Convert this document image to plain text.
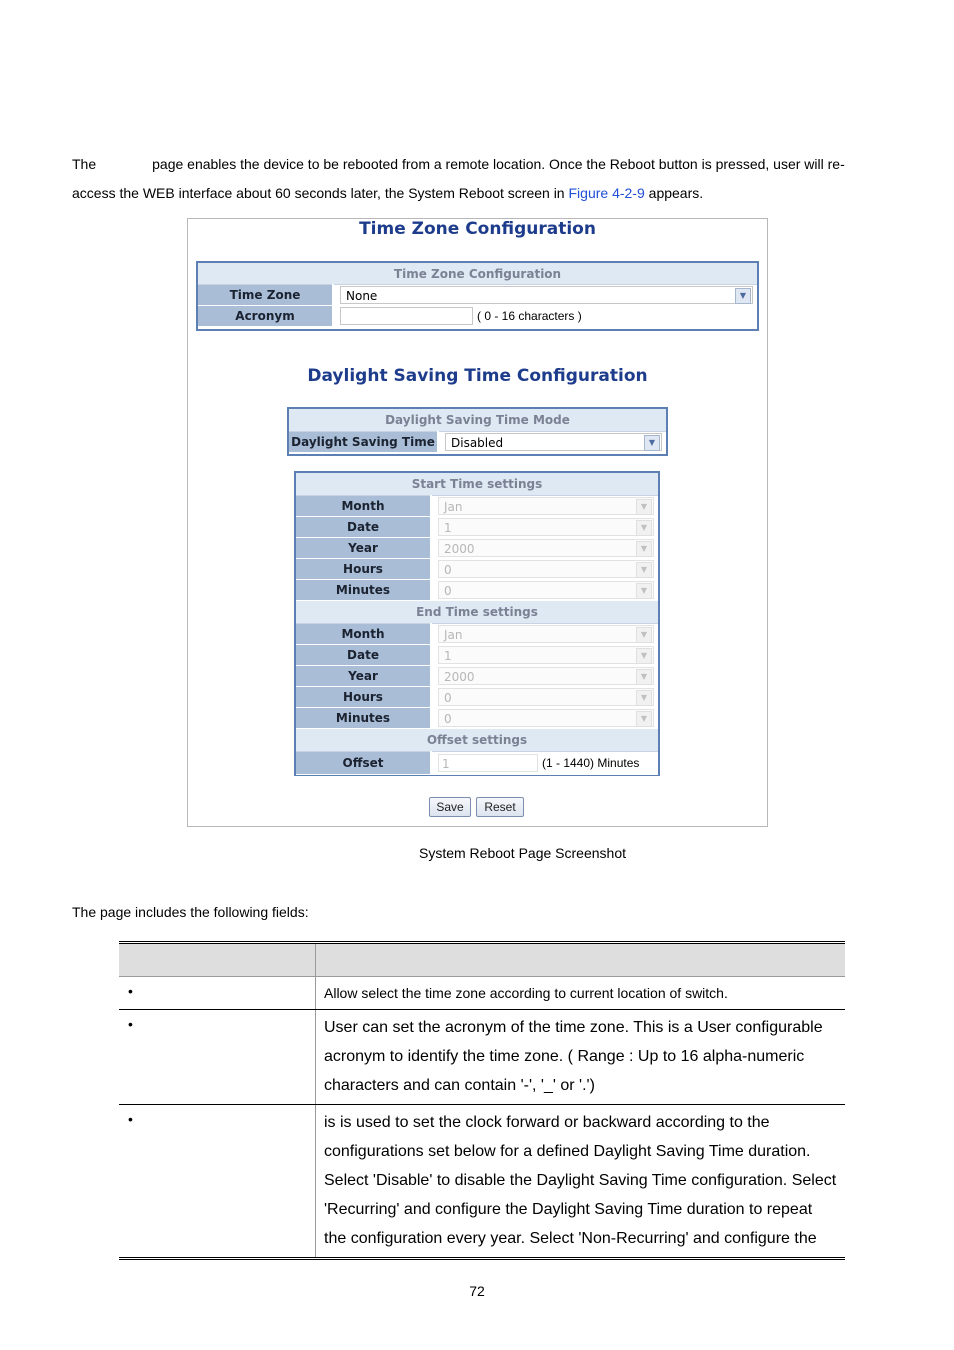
The	page enables the device to be rebooted from a remote location. Once the Reboot button is pressed, user will re-access the WEB interface about 60 seconds later, the System Reboot screen in Figure 4-2-9 appears.
Time Zone Configuration
Time Zone Configuration	
Time Zone	None ▼

Acronym	( 0 - 16 characters )
Daylight Saving Time Configuration
Daylight Saving Time Mode
Daylight Saving Time	Disabled	▼
Start Time settings	
Month	Jan ▼

Date	1 ▼

Year	2000 ▼

Hours	0 ▼

Minutes	0 ▼

End Time settings	
Month	Jan ▼

Date	1 ▼

Year	2000 ▼

Hours	0 ▼

Minutes	0 ▼

Offset settings	
Offset	1 (1 - 1440) Minutes
Save	Reset
System Reboot Page Screenshot
The page includes the following fields:

•	Allow select the time zone according to current location of switch.
•	User can set the acronym of the time zone. This is a User configurable acronym to identify the time zone. ( Range : Up to 16 alpha-numeric characters and can contain '-', '_' or '.')
•	is is used to set the clock forward or backward according to the configurations set below for a defined Daylight Saving Time duration. Select 'Disable' to disable the Daylight Saving Time configuration. Select 'Recurring' and configure the Daylight Saving Time duration to repeat the configuration every year. Select 'Non-Recurring' and configure the
72
